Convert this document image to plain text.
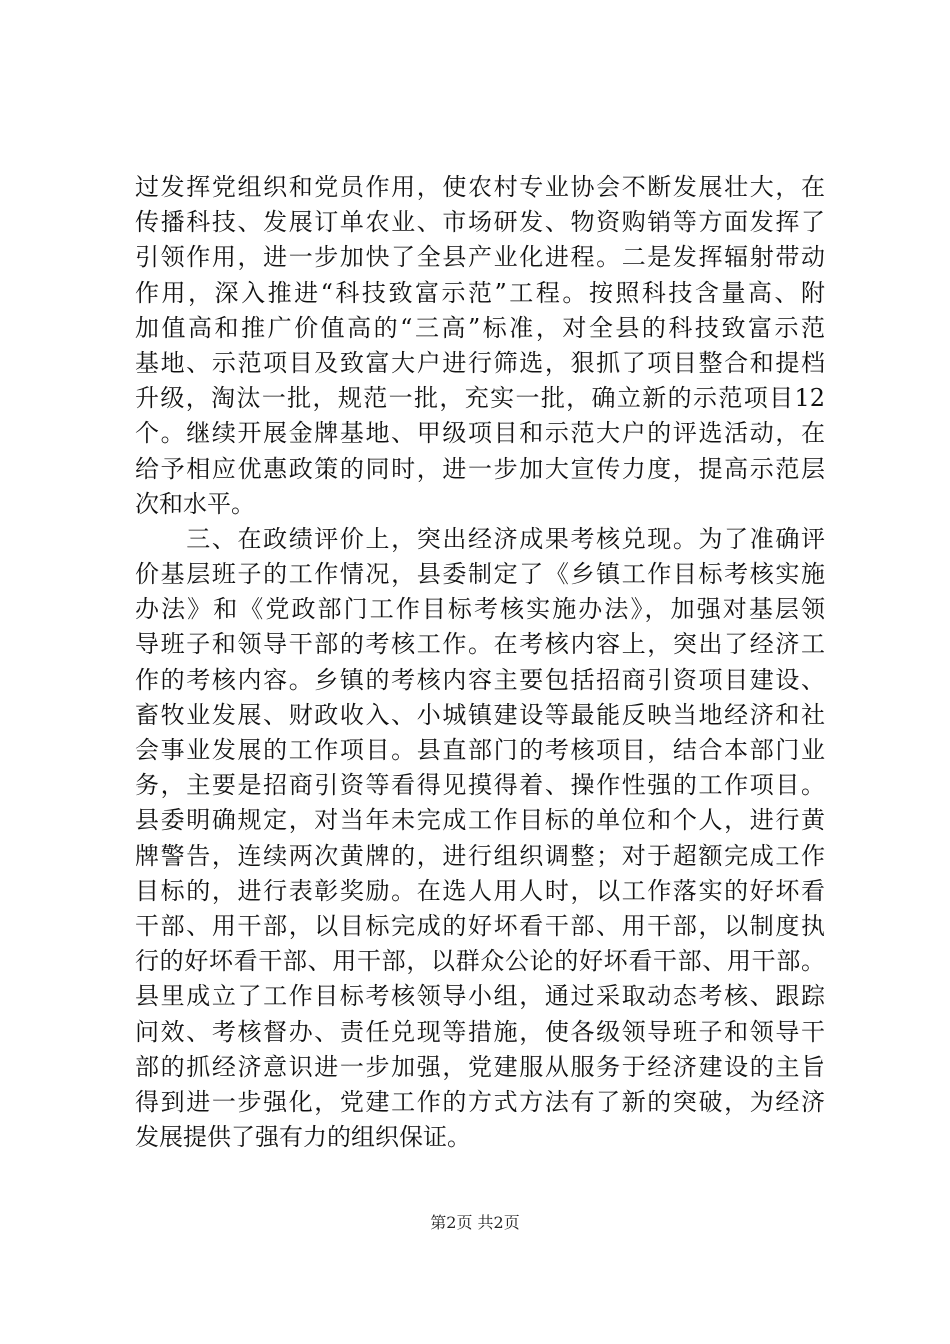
过发挥党组织和党员作用，使农村专业协会不断发展壮大，在
传播科技、发展订单农业、市场研发、物资购销等方面发挥了
引领作用，进一步加快了全县产业化进程。二是发挥辐射带动
作用，深入推进“科技致富示范”工程。按照科技含量高、附
加值高和推广价值高的“三高”标准，对全县的科技致富示范
基地、示范项目及致富大户进行筛选，狠抓了项目整合和提档
升级，淘汰一批，规范一批，充实一批，确立新的示范项目12
个。继续开展金牌基地、甲级项目和示范大户的评选活动，在
给予相应优惠政策的同时，进一步加大宣传力度，提高示范层
次和水平。
　　三、在政绩评价上，突出经济成果考核兑现。为了准确评
价基层班子的工作情况，县委制定了《乡镇工作目标考核实施
办法》和《党政部门工作目标考核实施办法》，加强对基层领
导班子和领导干部的考核工作。在考核内容上，突出了经济工
作的考核内容。乡镇的考核内容主要包括招商引资项目建设、
畜牧业发展、财政收入、小城镇建设等最能反映当地经济和社
会事业发展的工作项目。县直部门的考核项目，结合本部门业
务，主要是招商引资等看得见摸得着、操作性强的工作项目。
县委明确规定，对当年未完成工作目标的单位和个人，进行黄
牌警告，连续两次黄牌的，进行组织调整；对于超额完成工作
目标的，进行表彰奖励。在选人用人时，以工作落实的好坏看
干部、用干部，以目标完成的好坏看干部、用干部，以制度执
行的好坏看干部、用干部，以群众公论的好坏看干部、用干部。
县里成立了工作目标考核领导小组，通过采取动态考核、跟踪
问效、考核督办、责任兑现等措施，使各级领导班子和领导干
部的抓经济意识进一步加强，党建服从服务于经济建设的主旨
得到进一步强化，党建工作的方式方法有了新的突破，为经济
发展提供了强有力的组织保证。
第2页 共2页
